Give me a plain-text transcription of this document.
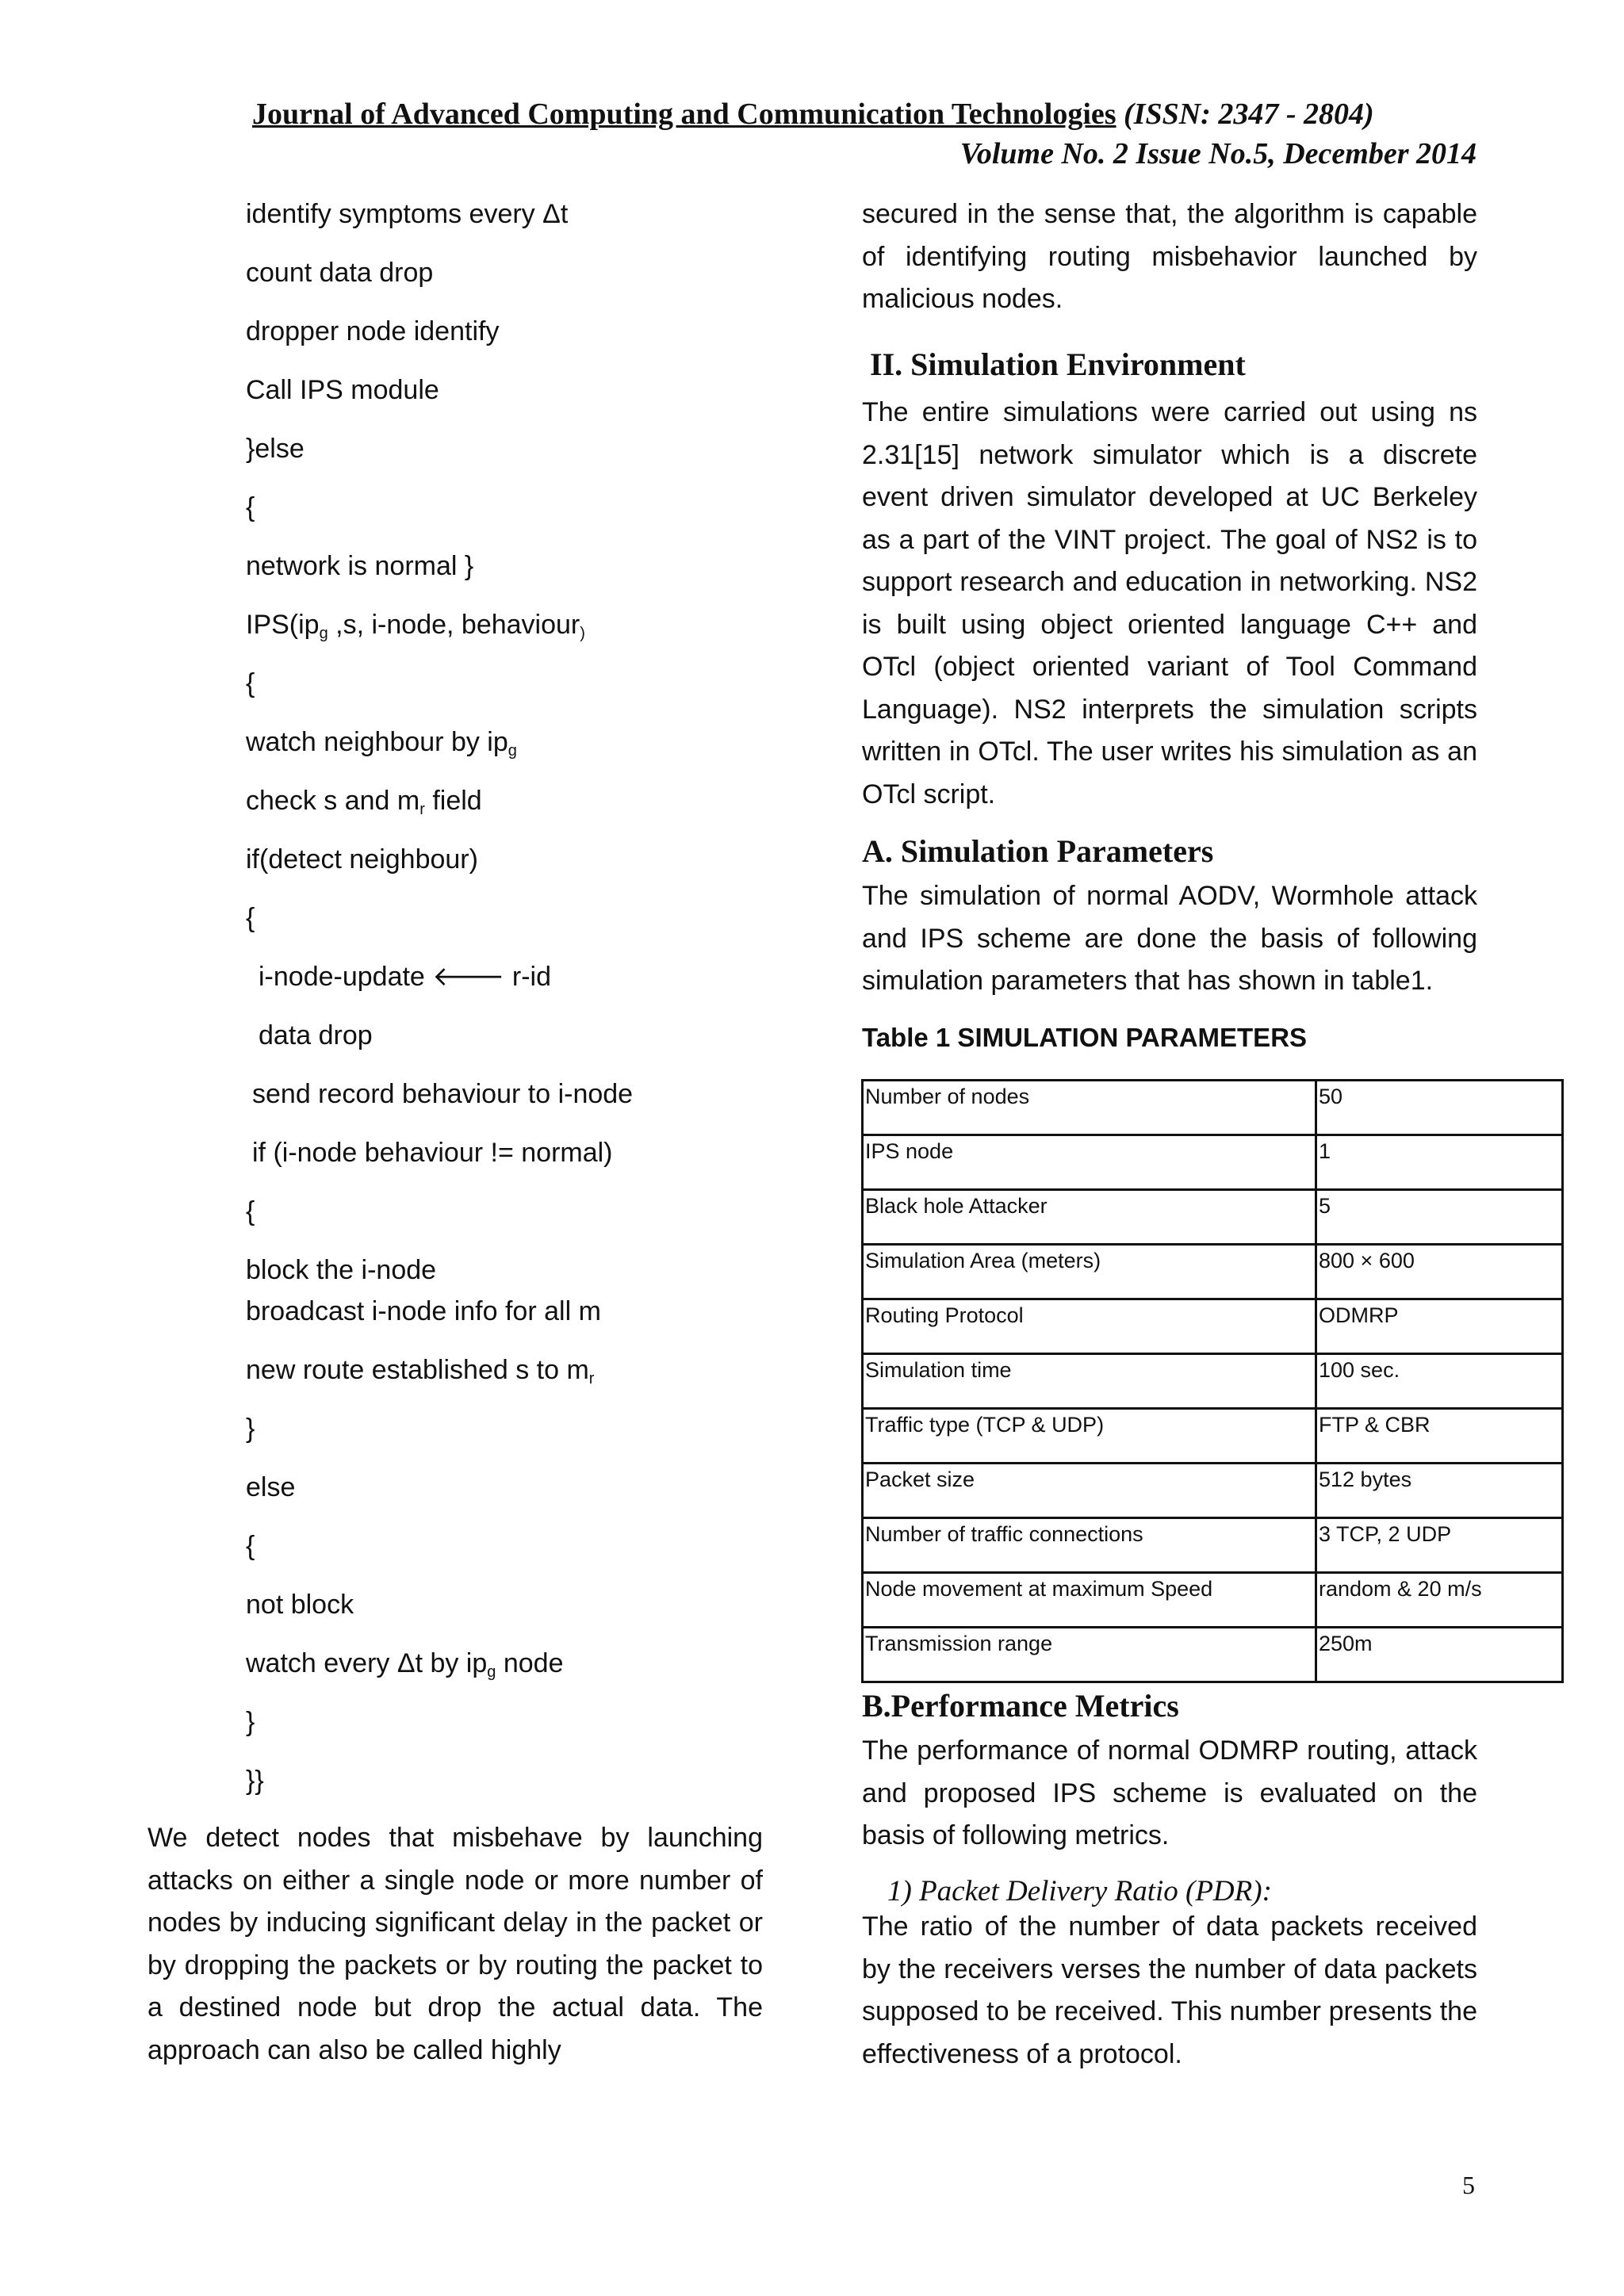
Journal of Advanced Computing and Communication Technologies (ISSN: 2347 - 2804)
Volume No. 2 Issue No.5, December 2014
identify symptoms every Δt
count data drop
dropper node identify
Call IPS module
}else
{
network is normal }
$IPS(ip_g$ ,s, i-node, behaviour$_)$
{
watch neighbour by $ip_g$
check s and $m_r$ field
if(detect neighbour)
{
i-node-update 🡐 r-id
data drop
send record behaviour to i-node
if (i-node behaviour != normal)
{
block the i-node
broadcast i-node info for all m
new route established s to $m_r$
}
else
{
not block
watch every Δt by $ip_g$ node
}
}}
We detect nodes that misbehave by launching attacks on either a single node or more number of nodes by inducing significant delay in the packet or by dropping the packets or by routing the packet to a destined node but drop the actual data. The approach can also be called highly
secured in the sense that, the algorithm is capable of identifying routing misbehavior launched by malicious nodes.
II. Simulation Environment
The entire simulations were carried out using ns 2.31[15] network simulator which is a discrete event driven simulator developed at UC Berkeley as a part of the VINT project. The goal of NS2 is to support research and education in networking. NS2 is built using object oriented language C++ and OTcl (object oriented variant of Tool Command Language). NS2 interprets the simulation scripts written in OTcl. The user writes his simulation as an OTcl script.
A. Simulation Parameters
The simulation of normal AODV, Wormhole attack and IPS scheme are done the basis of following simulation parameters that has shown in table1.
Table 1 SIMULATION PARAMETERS
Number of nodes	50
IPS node	1
Black hole Attacker	5
Simulation Area (meters)	800 × 600
Routing Protocol	ODMRP
Simulation time	100 sec.
Traffic type (TCP & UDP)	FTP & CBR
Packet size	512 bytes
Number of traffic connections	3 TCP, 2 UDP
Node movement at maximum Speed	random & 20 m/s
Transmission range	250m
B.Performance Metrics
The performance of normal ODMRP routing, attack and proposed IPS scheme is evaluated on the basis of following metrics.
1) Packet Delivery Ratio (PDR):
The ratio of the number of data packets received by the receivers verses the number of data packets supposed to be received. This number presents the effectiveness of a protocol.
5
